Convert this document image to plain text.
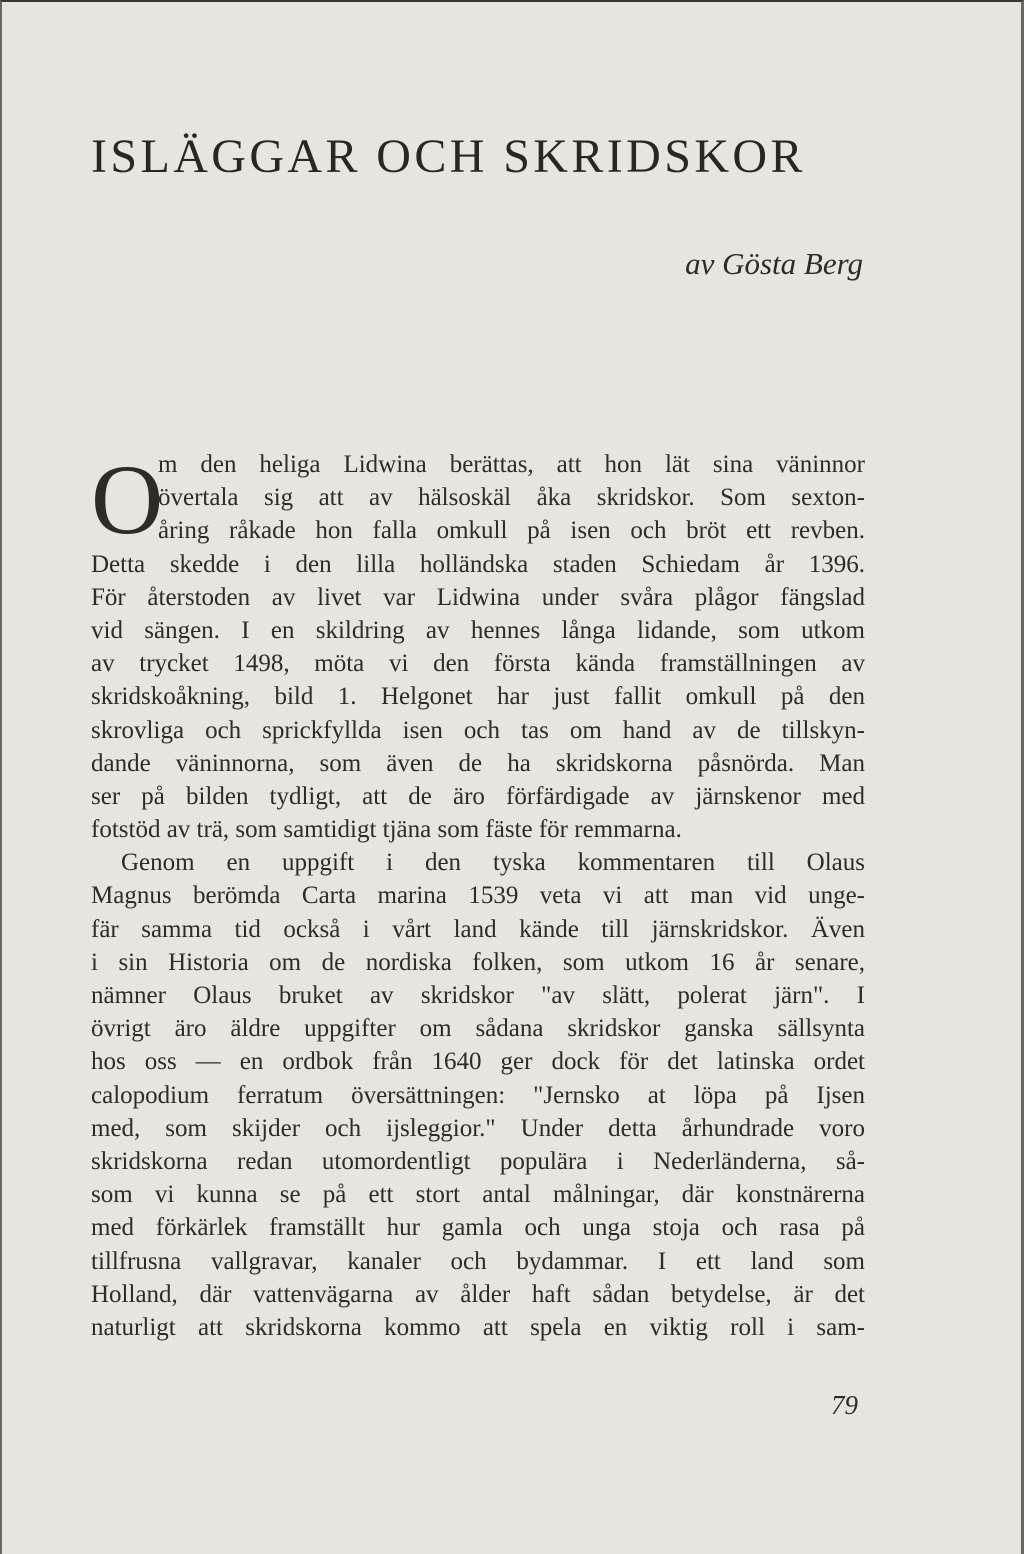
ISLÄGGAR OCH SKRIDSKOR
av Gösta Berg
O
m den heliga Lidwina berättas, att hon lät sina väninnor
övertala sig att av hälsoskäl åka skridskor. Som sexton-
åring råkade hon falla omkull på isen och bröt ett revben.
Detta skedde i den lilla holländska staden Schiedam år 1396.
För återstoden av livet var Lidwina under svåra plågor fängslad
vid sängen. I en skildring av hennes långa lidande, som utkom
av trycket 1498, möta vi den första kända framställningen av
skridskoåkning, bild 1. Helgonet har just fallit omkull på den
skrovliga och sprickfyllda isen och tas om hand av de tillskyn-
dande väninnorna, som även de ha skridskorna påsnörda. Man
ser på bilden tydligt, att de äro förfärdigade av järnskenor med
fotstöd av trä, som samtidigt tjäna som fäste för remmarna.
Genom en uppgift i den tyska kommentaren till Olaus
Magnus berömda Carta marina 1539 veta vi att man vid unge-
fär samma tid också i vårt land kände till järnskridskor. Även
i sin Historia om de nordiska folken, som utkom 16 år senare,
nämner Olaus bruket av skridskor "av slätt, polerat järn". I
övrigt äro äldre uppgifter om sådana skridskor ganska sällsynta
hos oss — en ordbok från 1640 ger dock för det latinska ordet
calopodium ferratum översättningen: "Jernsko at löpa på Ijsen
med, som skijder och ijsleggior." Under detta århundrade voro
skridskorna redan utomordentligt populära i Nederländerna, så-
som vi kunna se på ett stort antal målningar, där konstnärerna
med förkärlek framställt hur gamla och unga stoja och rasa på
tillfrusna vallgravar, kanaler och bydammar. I ett land som
Holland, där vattenvägarna av ålder haft sådan betydelse, är det
naturligt att skridskorna kommo att spela en viktig roll i sam-
79
